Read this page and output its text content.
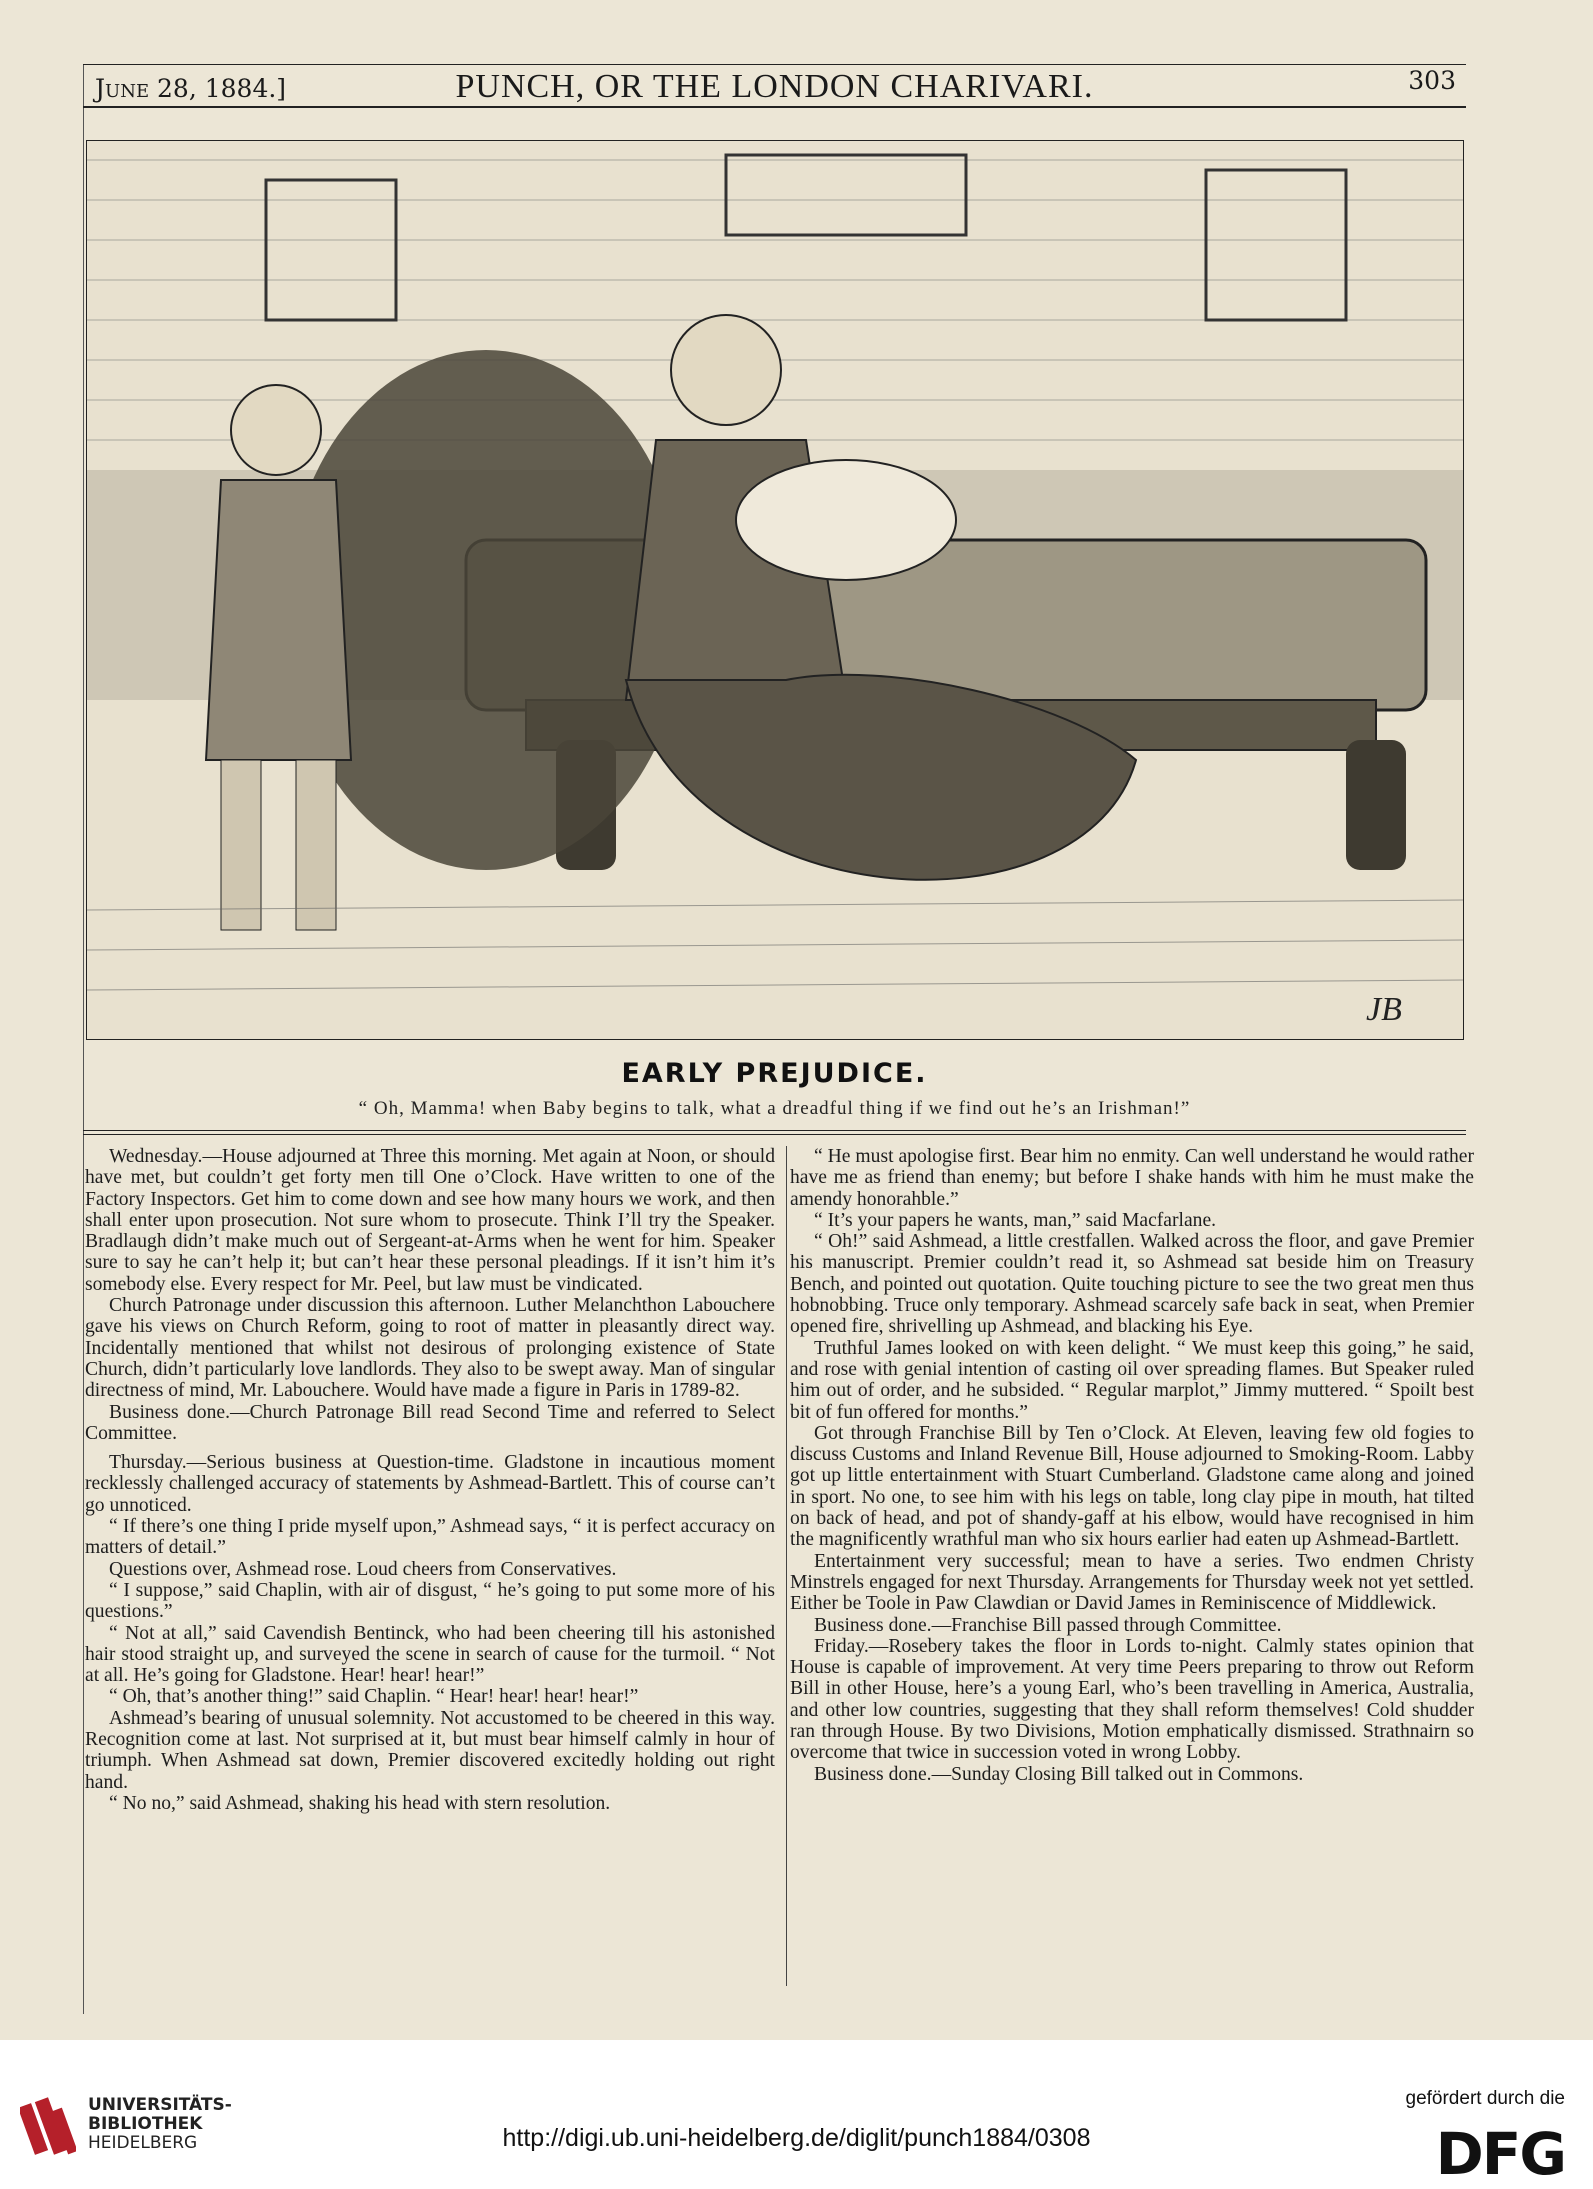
June 28, 1884.]	PUNCH, OR THE LONDON CHARIVARI.	303
JB
EARLY PREJUDICE.
“ Oh, Mamma! when Baby begins to talk, what a dreadful thing if we find out he’s an Irishman!”

Wednesday.—House adjourned at Three this morning. Met again at Noon, or should have met, but couldn’t get forty men till One o’Clock. Have written to one of the Factory Inspectors. Get him to come down and see how many hours we work, and then shall enter upon prosecution. Not sure whom to prosecute. Think I’ll try the Speaker. Bradlaugh didn’t make much out of Sergeant-at-Arms when he went for him. Speaker sure to say he can’t help it; but can’t hear these personal pleadings. If it isn’t him it’s somebody else. Every respect for Mr. Peel, but law must be vindicated.

Church Patronage under discussion this afternoon. Luther Melanchthon Labouchere gave his views on Church Reform, going to root of matter in pleasantly direct way. Incidentally mentioned that whilst not desirous of prolonging existence of State Church, didn’t particularly love landlords. They also to be swept away. Man of singular directness of mind, Mr. Labouchere. Would have made a figure in Paris in 1789-82.

Business done.—Church Patronage Bill read Second Time and referred to Select Committee.

Thursday.—Serious business at Question-time. Gladstone in incautious moment recklessly challenged accuracy of statements by Ashmead-Bartlett. This of course can’t go unnoticed.

“ If there’s one thing I pride myself upon,” Ashmead says, “ it is perfect accuracy on matters of detail.”

Questions over, Ashmead rose. Loud cheers from Conservatives.

“ I suppose,” said Chaplin, with air of disgust, “ he’s going to put some more of his questions.”

“ Not at all,” said Cavendish Bentinck, who had been cheering till his astonished hair stood straight up, and surveyed the scene in search of cause for the turmoil. “ Not at all. He’s going for Gladstone. Hear! hear! hear!”

“ Oh, that’s another thing!” said Chaplin. “ Hear! hear! hear! hear!”

Ashmead’s bearing of unusual solemnity. Not accustomed to be cheered in this way. Recognition come at last. Not surprised at it, but must bear himself calmly in hour of triumph. When Ashmead sat down, Premier discovered excitedly holding out right hand.

“ No no,” said Ashmead, shaking his head with stern resolution.

“ He must apologise first. Bear him no enmity. Can well understand he would rather have me as friend than enemy; but before I shake hands with him he must make the amendy honorahble.”

“ It’s your papers he wants, man,” said Macfarlane.

“ Oh!” said Ashmead, a little crestfallen. Walked across the floor, and gave Premier his manuscript. Premier couldn’t read it, so Ashmead sat beside him on Treasury Bench, and pointed out quotation. Quite touching picture to see the two great men thus hobnobbing. Truce only temporary. Ashmead scarcely safe back in seat, when Premier opened fire, shrivelling up Ashmead, and blacking his Eye.

Truthful James looked on with keen delight. “ We must keep this going,” he said, and rose with genial intention of casting oil over spreading flames. But Speaker ruled him out of order, and he subsided. “ Regular marplot,” Jimmy muttered. “ Spoilt best bit of fun offered for months.”

Got through Franchise Bill by Ten o’Clock. At Eleven, leaving few old fogies to discuss Customs and Inland Revenue Bill, House adjourned to Smoking-Room. Labby got up little entertainment with Stuart Cumberland. Gladstone came along and joined in sport. No one, to see him with his legs on table, long clay pipe in mouth, hat tilted on back of head, and pot of shandy-gaff at his elbow, would have recognised in him the magnificently wrathful man who six hours earlier had eaten up Ashmead-Bartlett.

Entertainment very successful; mean to have a series. Two endmen Christy Minstrels engaged for next Thursday. Arrangements for Thursday week not yet settled. Either be Toole in Paw Clawdian or David James in Reminiscence of Middlewick.

Business done.—Franchise Bill passed through Committee.

Friday.—Rosebery takes the floor in Lords to-night. Calmly states opinion that House is capable of improvement. At very time Peers preparing to throw out Reform Bill in other House, here’s a young Earl, who’s been travelling in America, Australia, and other low countries, suggesting that they shall reform themselves! Cold shudder ran through House. By two Divisions, Motion emphatically dismissed. Strathnairn so overcome that twice in succession voted in wrong Lobby.

Business done.—Sunday Closing Bill talked out in Commons.

UNIVERSITÄTS-
BIBLIOTHEK
HEIDELBERG	http://digi.ub.uni-heidelberg.de/diglit/punch1884/0308
gefördert durch die
DFG
